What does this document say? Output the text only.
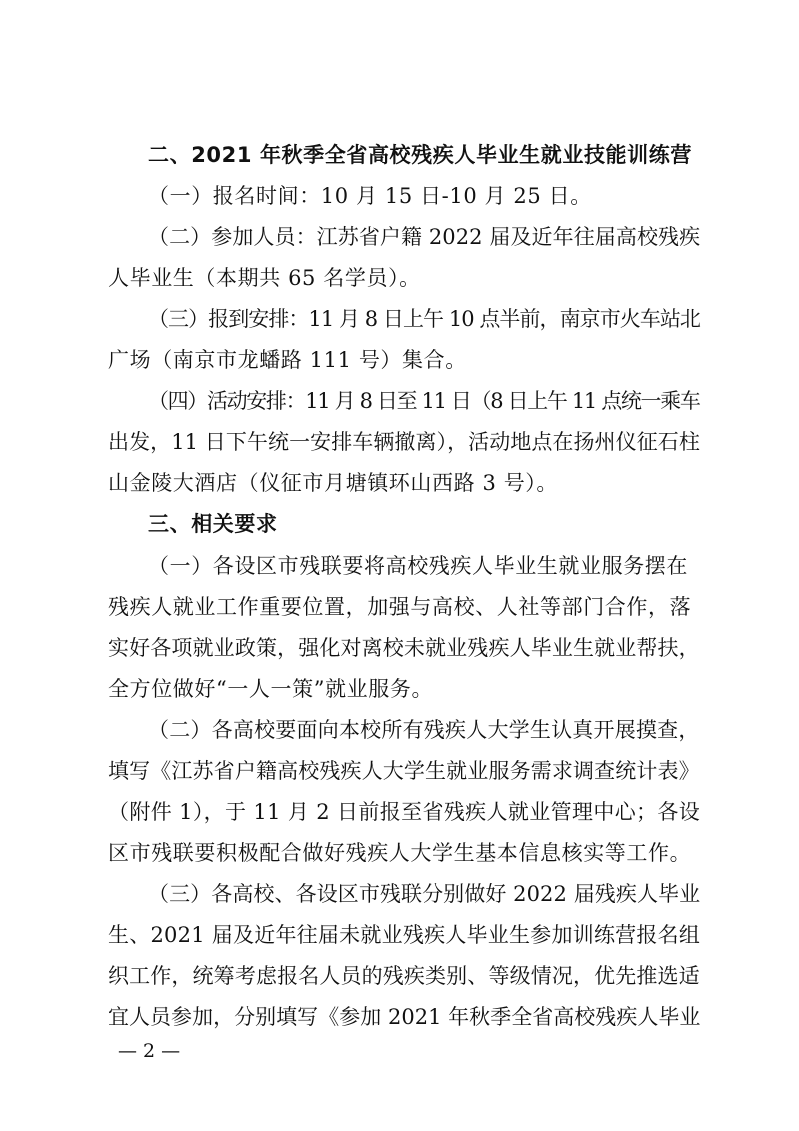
二、2021 年秋季全省高校残疾人毕业生就业技能训练营
（一）报名时间：10 月 15 日-10 月 25 日。
（二）参加人员：江苏省户籍 2022 届及近年往届高校残疾
人毕业生（本期共 65 名学员）。
（三）报到安排：11 月 8 日上午 10 点半前，南京市火车站北
广场（南京市龙蟠路 111 号）集合。
（四）活动安排：11 月 8 日至 11 日（8 日上午 11 点统一乘车
出发，11 日下午统一安排车辆撤离），活动地点在扬州仪征石柱
山金陵大酒店（仪征市月塘镇环山西路 3 号）。
三、相关要求
（一）各设区市残联要将高校残疾人毕业生就业服务摆在
残疾人就业工作重要位置，加强与高校、人社等部门合作，落
实好各项就业政策，强化对离校未就业残疾人毕业生就业帮扶，
全方位做好“一人一策”就业服务。
（二）各高校要面向本校所有残疾人大学生认真开展摸查，
填写《江苏省户籍高校残疾人大学生就业服务需求调查统计表》
（附件 1），于 11 月 2 日前报至省残疾人就业管理中心；各设
区市残联要积极配合做好残疾人大学生基本信息核实等工作。
（三）各高校、各设区市残联分别做好 2022 届残疾人毕业
生、2021 届及近年往届未就业残疾人毕业生参加训练营报名组
织工作，统筹考虑报名人员的残疾类别、等级情况，优先推选适
宜人员参加，分别填写《参加 2021 年秋季全省高校残疾人毕业
— 2 —
